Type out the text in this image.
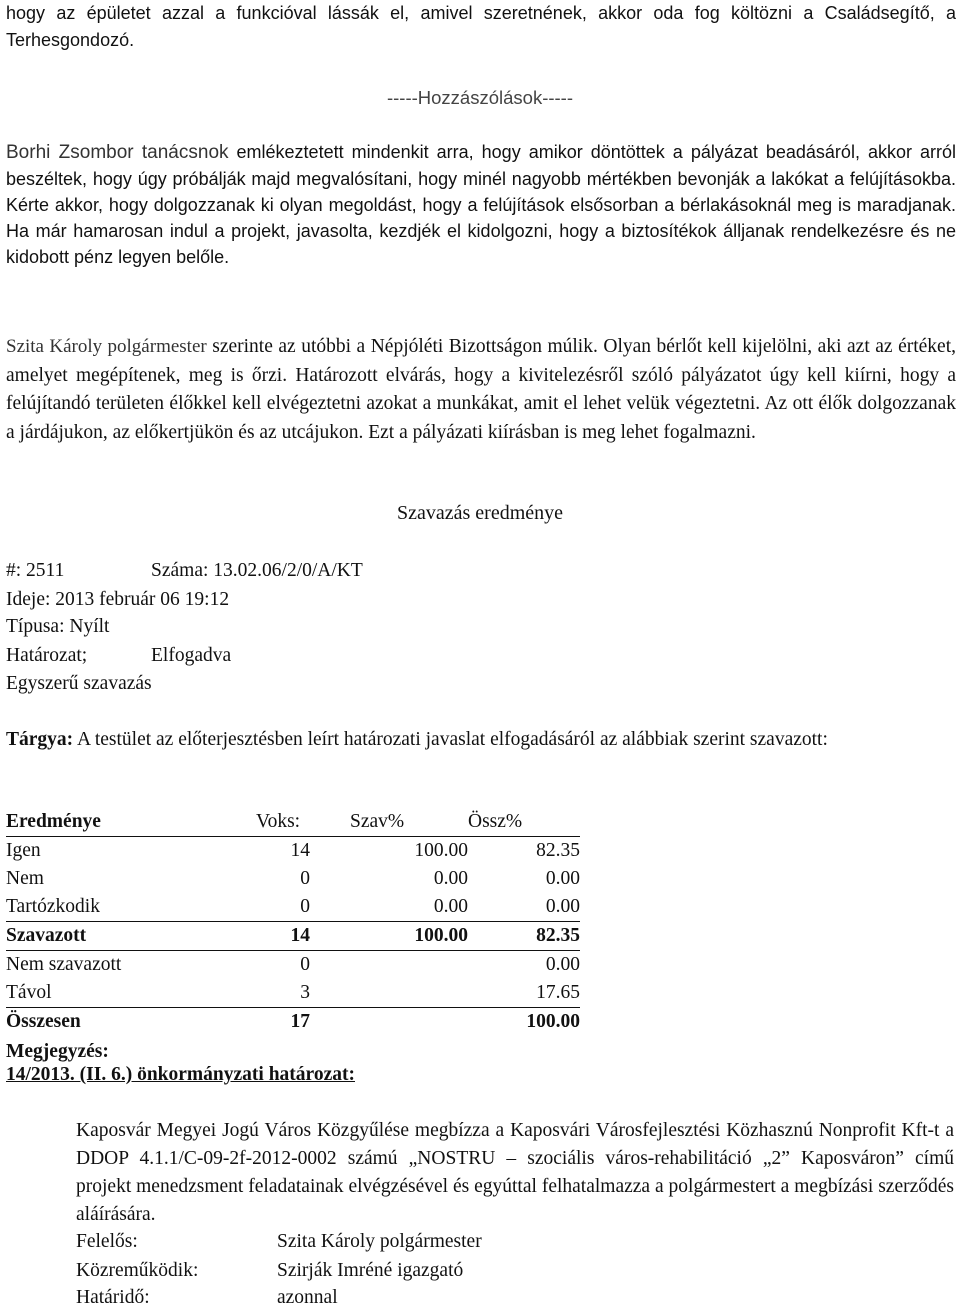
hogy az épületet azzal a funkcióval lássák el, amivel szeretnének, akkor oda fog költözni a Családsegítő, a Terhesgondozó.
-----Hozzászólások-----
Borhi Zsombor tanácsnok emlékeztetett mindenkit arra, hogy amikor döntöttek a pályázat beadásáról, akkor arról beszéltek, hogy úgy próbálják majd megvalósítani, hogy minél nagyobb mértékben bevonják a lakókat a felújításokba. Kérte akkor, hogy dolgozzanak ki olyan megoldást, hogy a felújítások elsősorban a bérlakásoknál meg is maradjanak. Ha már hamarosan indul a projekt, javasolta, kezdjék el kidolgozni, hogy a biztosítékok álljanak rendelkezésre és ne kidobott pénz legyen belőle.
Szita Károly polgármester szerinte az utóbbi a Népjóléti Bizottságon múlik. Olyan bérlőt kell kijelölni, aki azt az értéket, amelyet megépítenek, meg is őrzi. Határozott elvárás, hogy a kivitelezésről szóló pályázatot úgy kell kiírni, hogy a felújítandó területen élőkkel kell elvégeztetni azokat a munkákat, amit el lehet velük végeztetni. Az ott élők dolgozzanak a járdájukon, az előkertjükön és az utcájukon. Ezt a pályázati kiírásban is meg lehet fogalmazni.
Szavazás eredménye
#: 2511	Száma: 13.02.06/2/0/A/KT
Ideje: 2013 február 06 19:12
Típusa: Nyílt
Határozat;	Elfogadva
Egyszerű szavazás
Tárgya: A testület az előterjesztésben leírt határozati javaslat elfogadásáról az alábbiak szerint szavazott:
Eredménye	Voks:	Szav%	Össz%
Igen	14	100.00	82.35
Nem	0	0.00	0.00
Tartózkodik	0	0.00	0.00
Szavazott	14	100.00	82.35
Nem szavazott	0		0.00
Távol	3		17.65
Összesen	17		100.00
Megjegyzés:
14/2013. (II. 6.) önkormányzati határozat:
Kaposvár Megyei Jogú Város Közgyűlése megbízza a Kaposvári Városfejlesztési Közhasznú Nonprofit Kft-t a DDOP 4.1.1/C-09-2f-2012-0002 számú „NOSTRU – szociális város-rehabilitáció „2” Kaposváron” című projekt menedzsment feladatainak elvégzésével és egyúttal felhatalmazza a polgármestert a megbízási szerződés aláírására.
Felelős:	Szita Károly polgármester
Közreműködik:	Szirják Imréné igazgató
Határidő:	azonnal
